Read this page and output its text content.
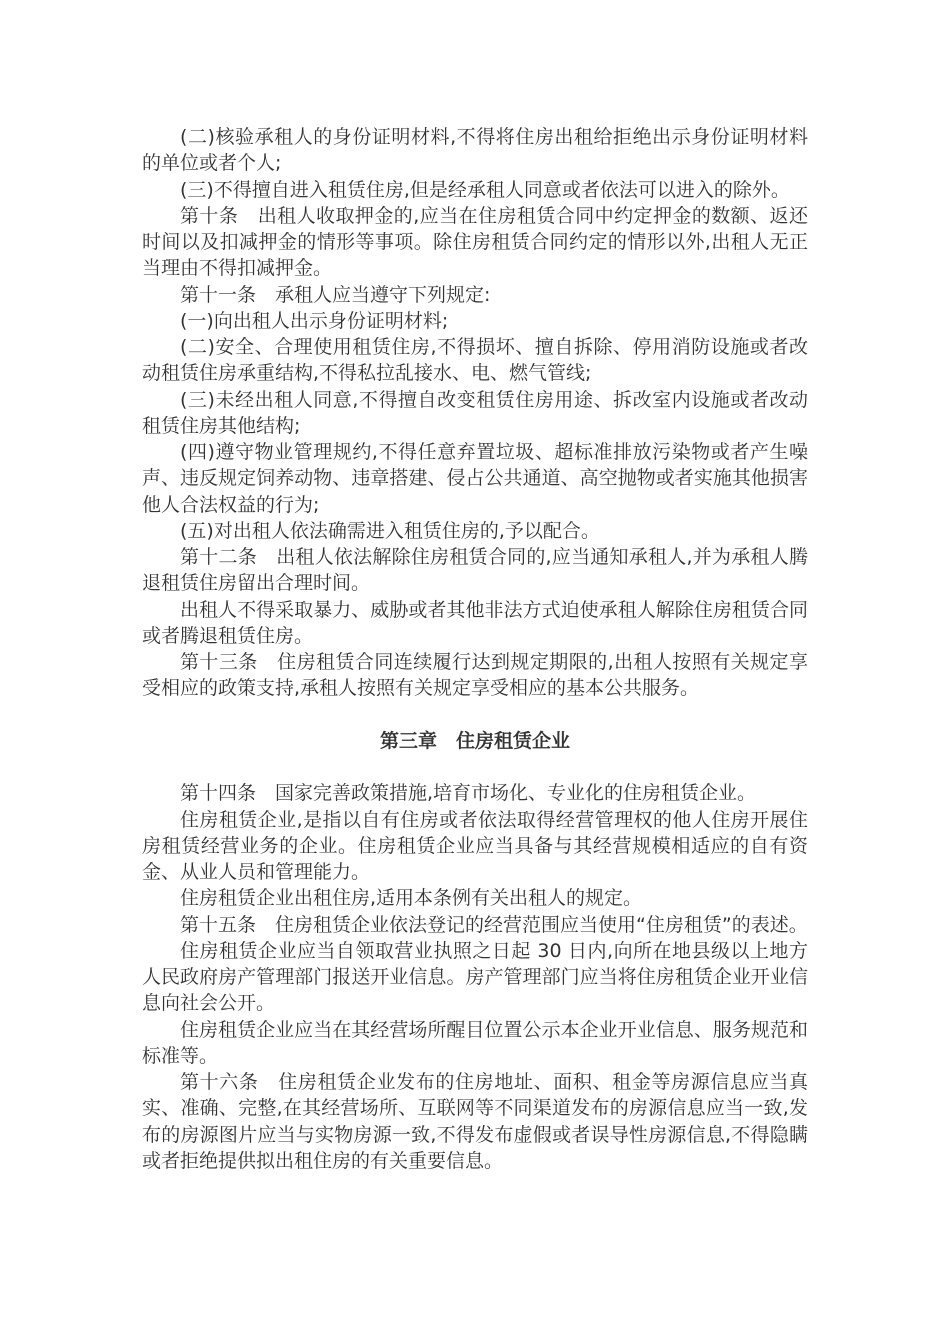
(二)核验承租人的身份证明材料,不得将住房出租给拒绝出示身份证明材料的单位或者个人;

(三)不得擅自进入租赁住房,但是经承租人同意或者依法可以进入的除外。

第十条　出租人收取押金的,应当在住房租赁合同中约定押金的数额、返还时间以及扣减押金的情形等事项。除住房租赁合同约定的情形以外,出租人无正当理由不得扣减押金。

第十一条　承租人应当遵守下列规定:

(一)向出租人出示身份证明材料;

(二)安全、合理使用租赁住房,不得损坏、擅自拆除、停用消防设施或者改动租赁住房承重结构,不得私拉乱接水、电、燃气管线;

(三)未经出租人同意,不得擅自改变租赁住房用途、拆改室内设施或者改动租赁住房其他结构;

(四)遵守物业管理规约,不得任意弃置垃圾、超标准排放污染物或者产生噪声、违反规定饲养动物、违章搭建、侵占公共通道、高空抛物或者实施其他损害他人合法权益的行为;

(五)对出租人依法确需进入租赁住房的,予以配合。

第十二条　出租人依法解除住房租赁合同的,应当通知承租人,并为承租人腾退租赁住房留出合理时间。

出租人不得采取暴力、威胁或者其他非法方式迫使承租人解除住房租赁合同或者腾退租赁住房。

第十三条　住房租赁合同连续履行达到规定期限的,出租人按照有关规定享受相应的政策支持,承租人按照有关规定享受相应的基本公共服务。

第三章　住房租赁企业

第十四条　国家完善政策措施,培育市场化、专业化的住房租赁企业。

住房租赁企业,是指以自有住房或者依法取得经营管理权的他人住房开展住房租赁经营业务的企业。住房租赁企业应当具备与其经营规模相适应的自有资金、从业人员和管理能力。

住房租赁企业出租住房,适用本条例有关出租人的规定。

第十五条　住房租赁企业依法登记的经营范围应当使用“住房租赁”的表述。

住房租赁企业应当自领取营业执照之日起 30 日内,向所在地县级以上地方人民政府房产管理部门报送开业信息。房产管理部门应当将住房租赁企业开业信息向社会公开。

住房租赁企业应当在其经营场所醒目位置公示本企业开业信息、服务规范和标准等。

第十六条　住房租赁企业发布的住房地址、面积、租金等房源信息应当真实、准确、完整,在其经营场所、互联网等不同渠道发布的房源信息应当一致,发布的房源图片应当与实物房源一致,不得发布虚假或者误导性房源信息,不得隐瞒或者拒绝提供拟出租住房的有关重要信息。
